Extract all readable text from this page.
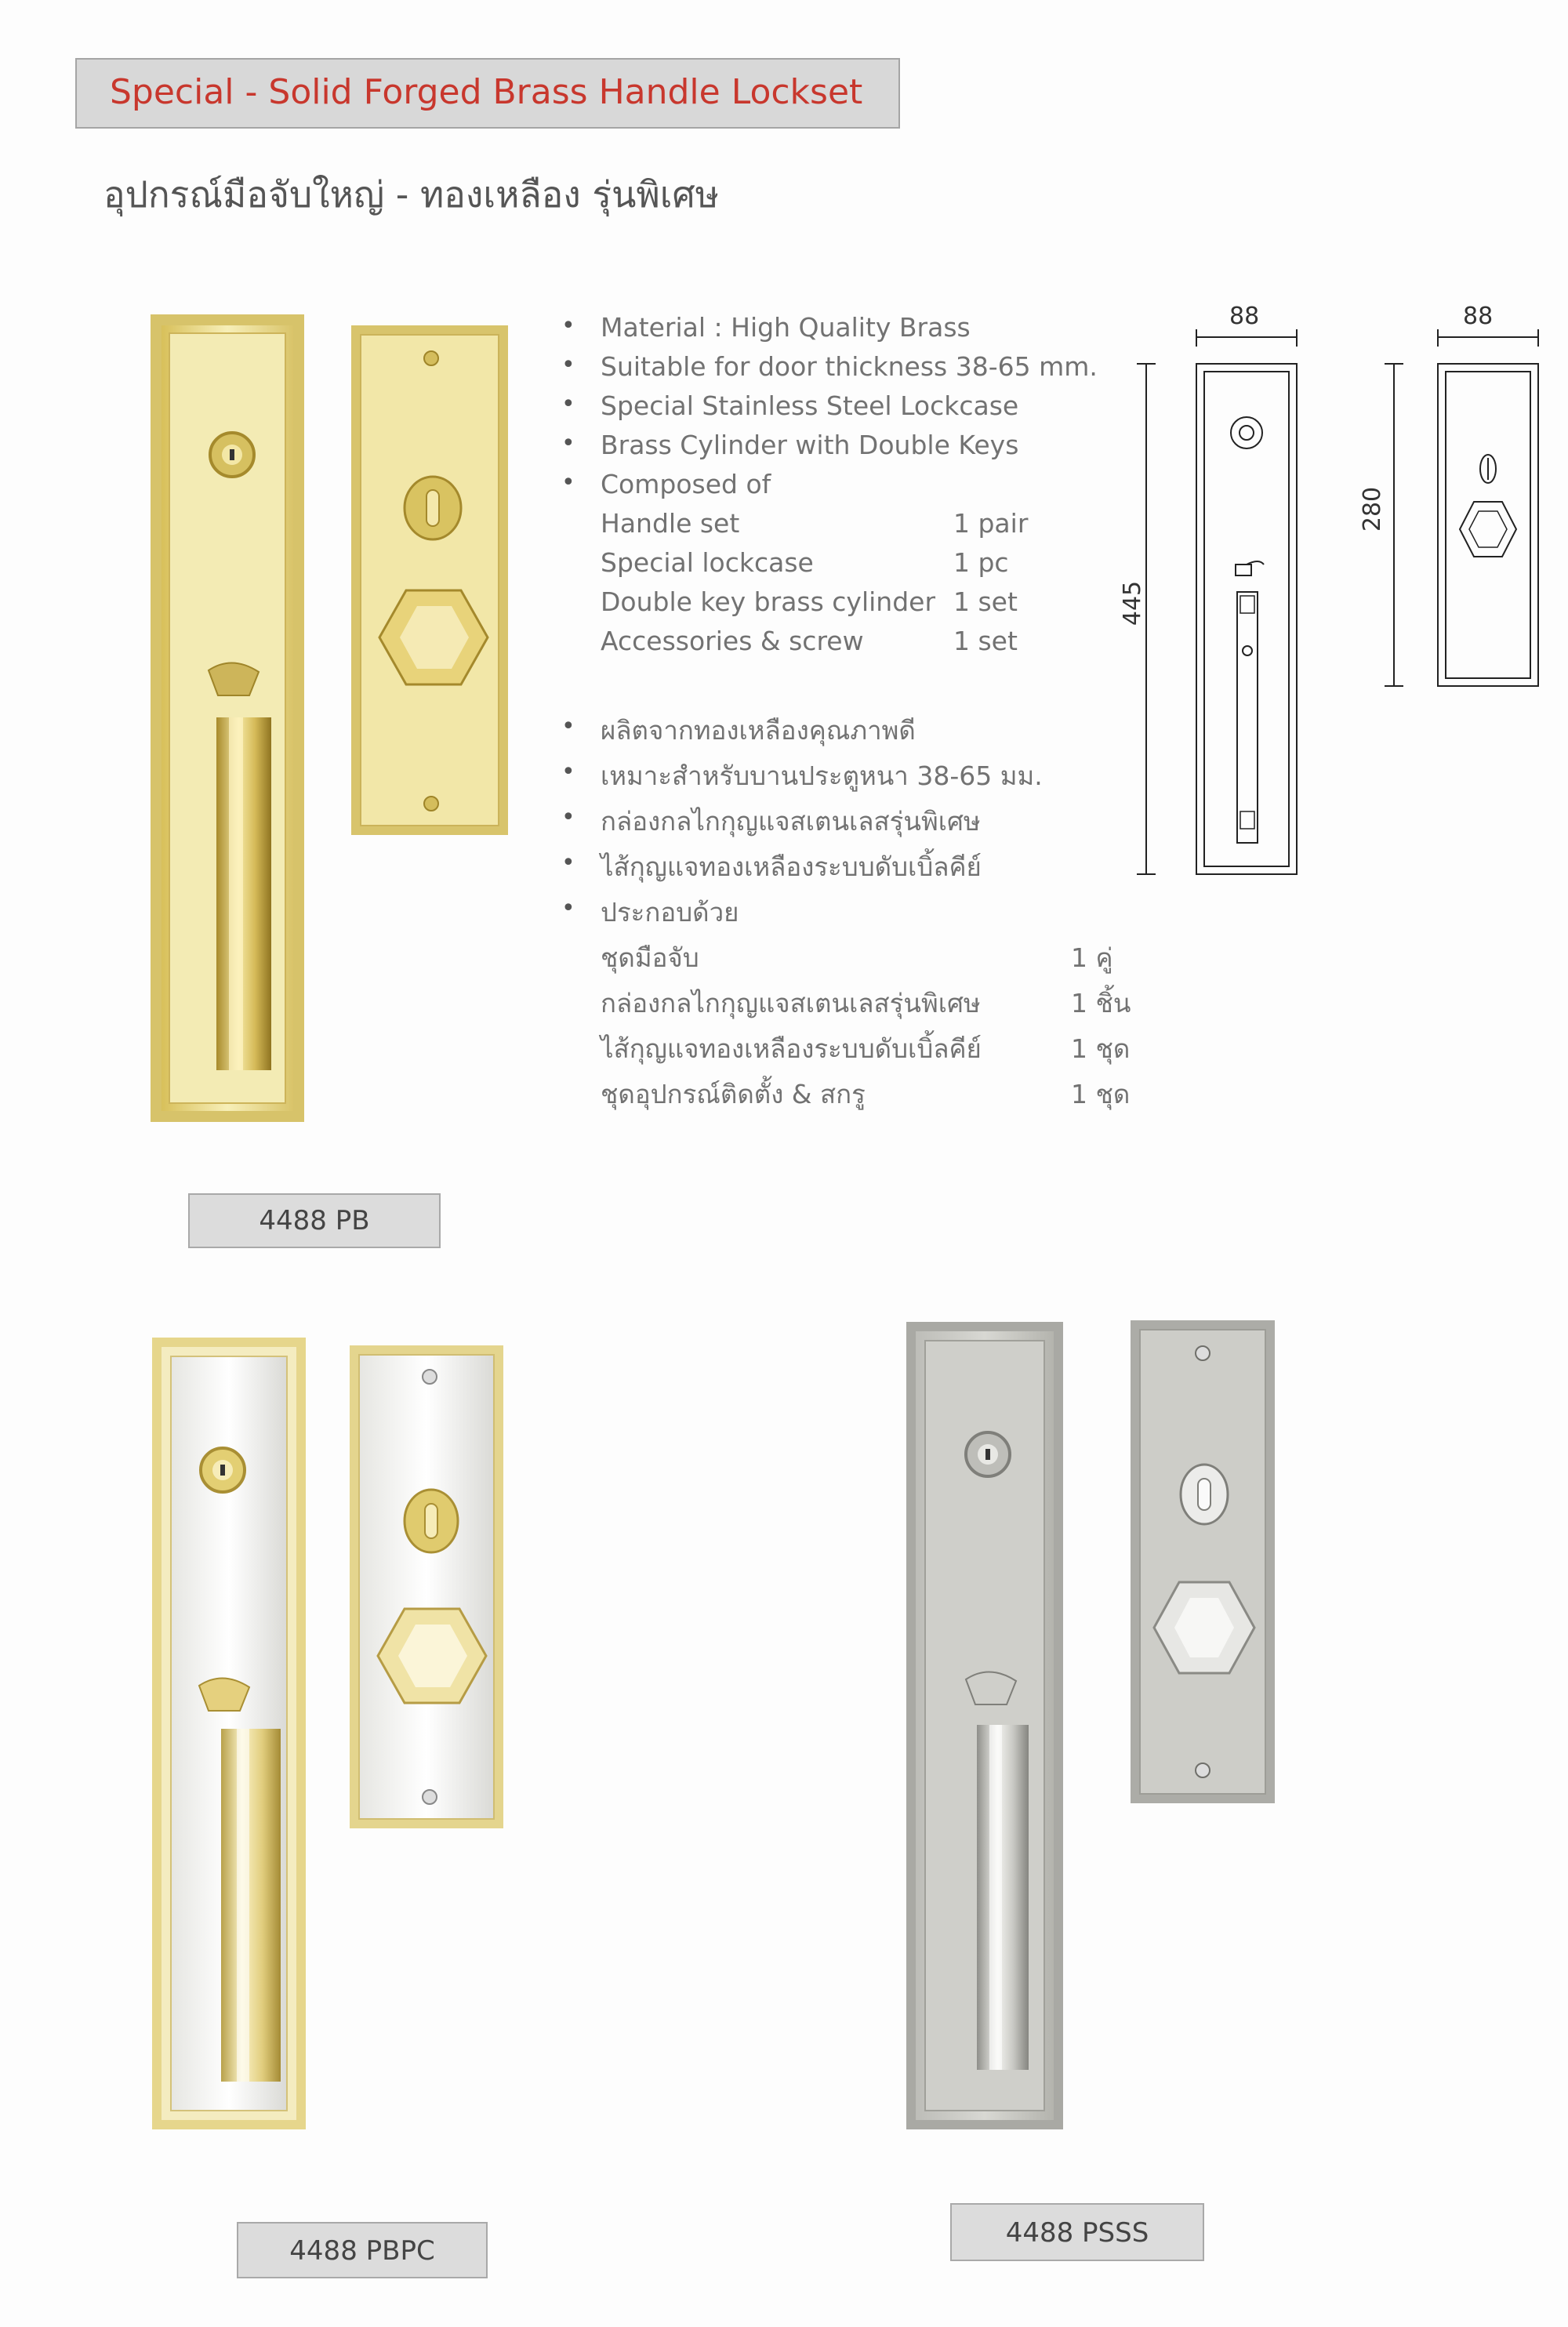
Special - Solid Forged Brass Handle Lockset
อุปกรณ์มือจับใหญ่ - ทองเหลือง รุ่นพิเศษ
4488 PB
• Material : High Quality Brass
• Suitable for door thickness 38-65 mm.
• Special Stainless Steel Lockcase
• Brass Cylinder with Double Keys
• Composed of
Handle set	1 pair
Special lockcase	1 pc
Double key brass cylinder 1 set
Accessories & screw	1 set
• ผลิตจากทองเหลืองคุณภาพดี
• เหมาะสำหรับบานประตูหนา 38-65 มม.
• กล่องกลไกกุญแจสเตนเลสรุ่นพิเศษ
• ไส้กุญแจทองเหลืองระบบดับเบิ้ลคีย์
• ประกอบด้วย
ชุดมือจับ	1 คู่
กล่องกลไกกุญแจสเตนเลสรุ่นพิเศษ	1 ชิ้น
ไส้กุญแจทองเหลืองระบบดับเบิ้ลคีย์	1 ชุด
ชุดอุปกรณ์ติดตั้ง & สกรู	1 ชุด
88
445
88
280
4488 PBPC
4488 PSSS
